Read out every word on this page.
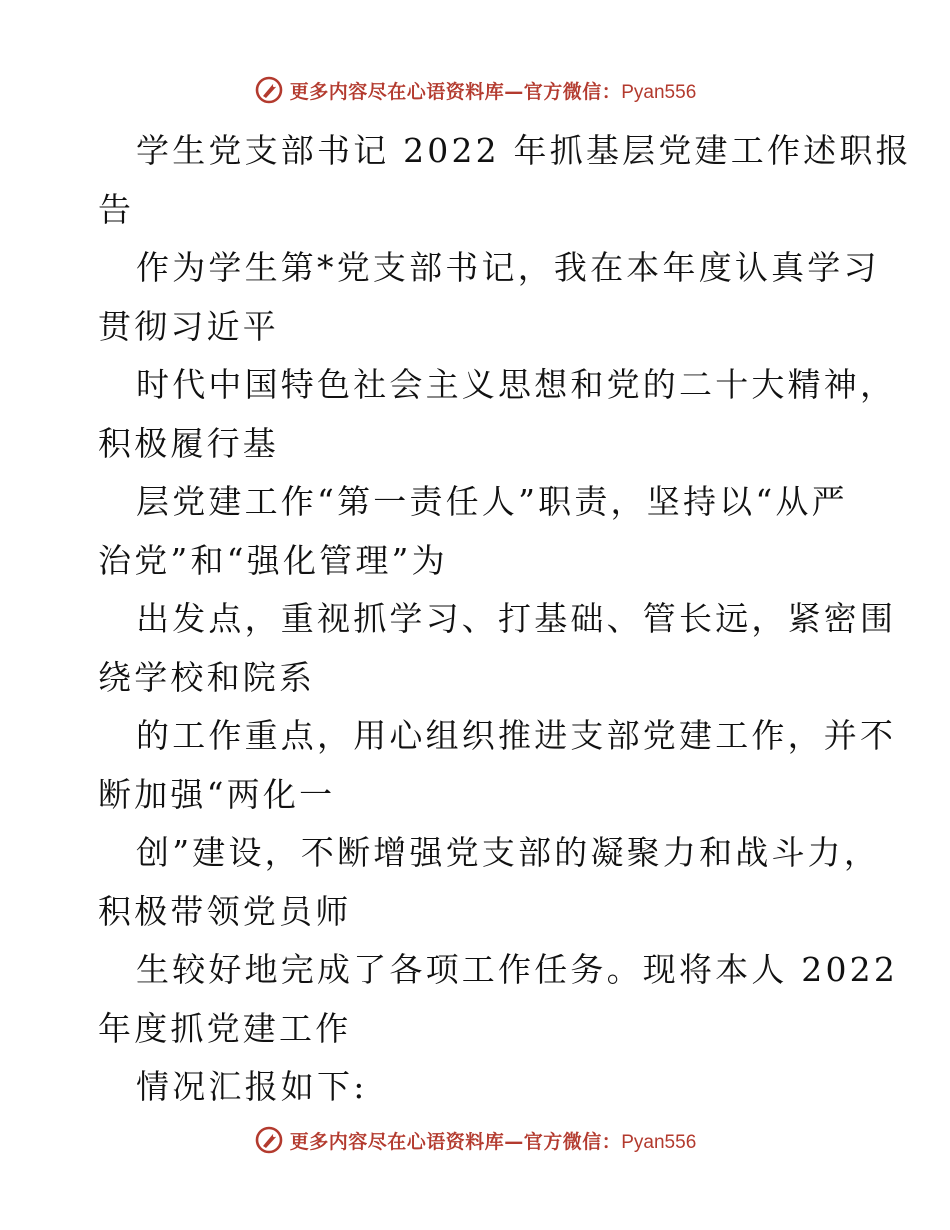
更多内容尽在心语资料库—官方微信：Pyan556

学生党支部书记 2022 年抓基层党建工作述职报
告

作为学生第*党支部书记，我在本年度认真学习
贯彻习近平

时代中国特色社会主义思想和党的二十大精神，
积极履行基

层党建工作“第一责任人”职责，坚持以“从严
治党”和“强化管理”为

出发点，重视抓学习、打基础、管长远，紧密围
绕学校和院系

的工作重点，用心组织推进支部党建工作，并不
断加强“两化一

创”建设，不断增强党支部的凝聚力和战斗力，
积极带领党员师

生较好地完成了各项工作任务。现将本人 2022
年度抓党建工作

情况汇报如下:

更多内容尽在心语资料库—官方微信：Pyan556
